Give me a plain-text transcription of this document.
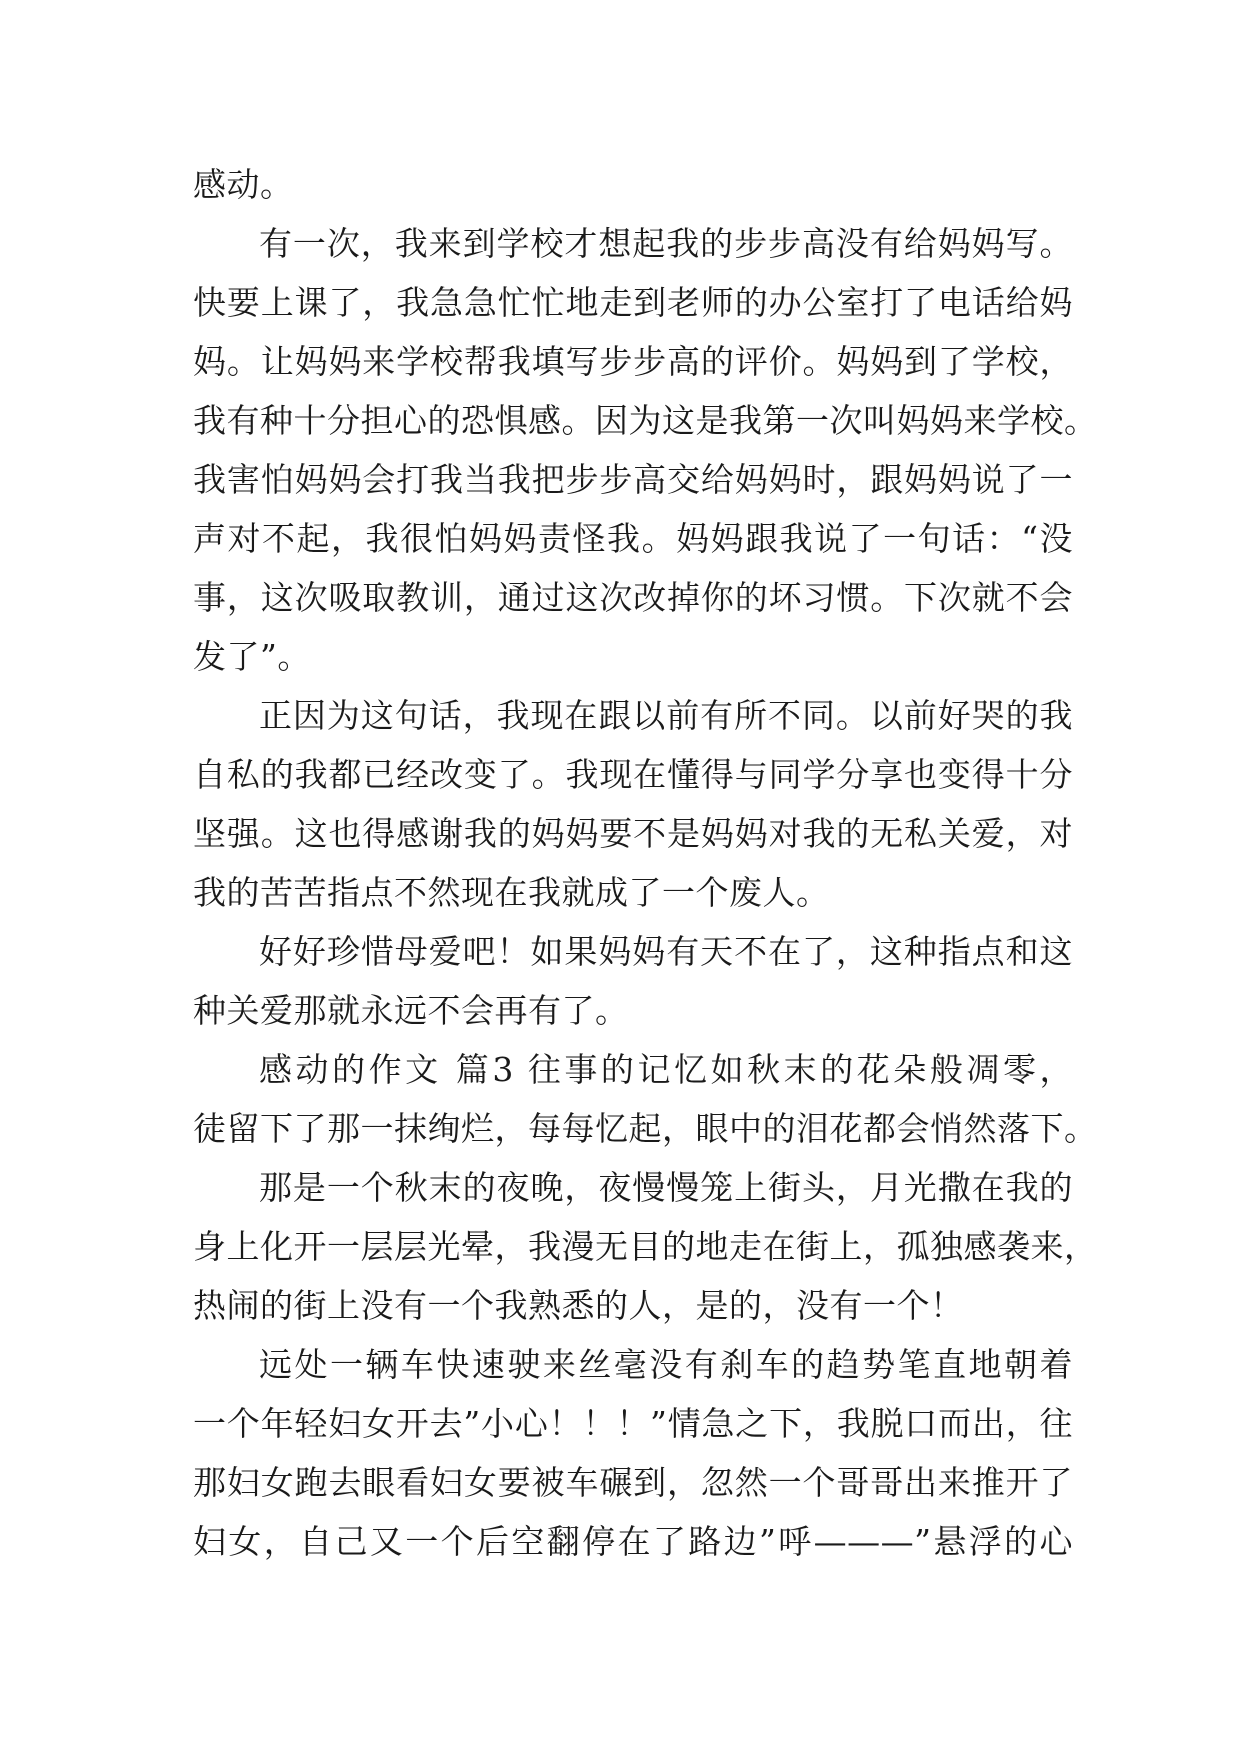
感动。
有一次，我来到学校才想起我的步步高没有给妈妈写。
快要上课了，我急急忙忙地走到老师的办公室打了电话给妈
妈。让妈妈来学校帮我填写步步高的评价。妈妈到了学校，
我有种十分担心的恐惧感。因为这是我第一次叫妈妈来学校。
我害怕妈妈会打我当我把步步高交给妈妈时，跟妈妈说了一
声对不起，我很怕妈妈责怪我。妈妈跟我说了一句话：“没
事，这次吸取教训，通过这次改掉你的坏习惯。下次就不会
发了”。
正因为这句话，我现在跟以前有所不同。以前好哭的我
自私的我都已经改变了。我现在懂得与同学分享也变得十分
坚强。这也得感谢我的妈妈要不是妈妈对我的无私关爱，对
我的苦苦指点不然现在我就成了一个废人。
好好珍惜母爱吧！如果妈妈有天不在了，这种指点和这
种关爱那就永远不会再有了。
感动的作文 篇3 往事的记忆如秋末的花朵般凋零，
徒留下了那一抹绚烂，每每忆起，眼中的泪花都会悄然落下。
那是一个秋末的夜晚，夜慢慢笼上街头，月光撒在我的
身上化开一层层光晕，我漫无目的地走在街上，孤独感袭来，
热闹的街上没有一个我熟悉的人，是的，没有一个！
远处一辆车快速驶来丝毫没有刹车的趋势笔直地朝着
一个年轻妇女开去”小心！！！”情急之下，我脱口而出，往
那妇女跑去眼看妇女要被车碾到，忽然一个哥哥出来推开了
妇女，自己又一个后空翻停在了路边”呼———”悬浮的心
